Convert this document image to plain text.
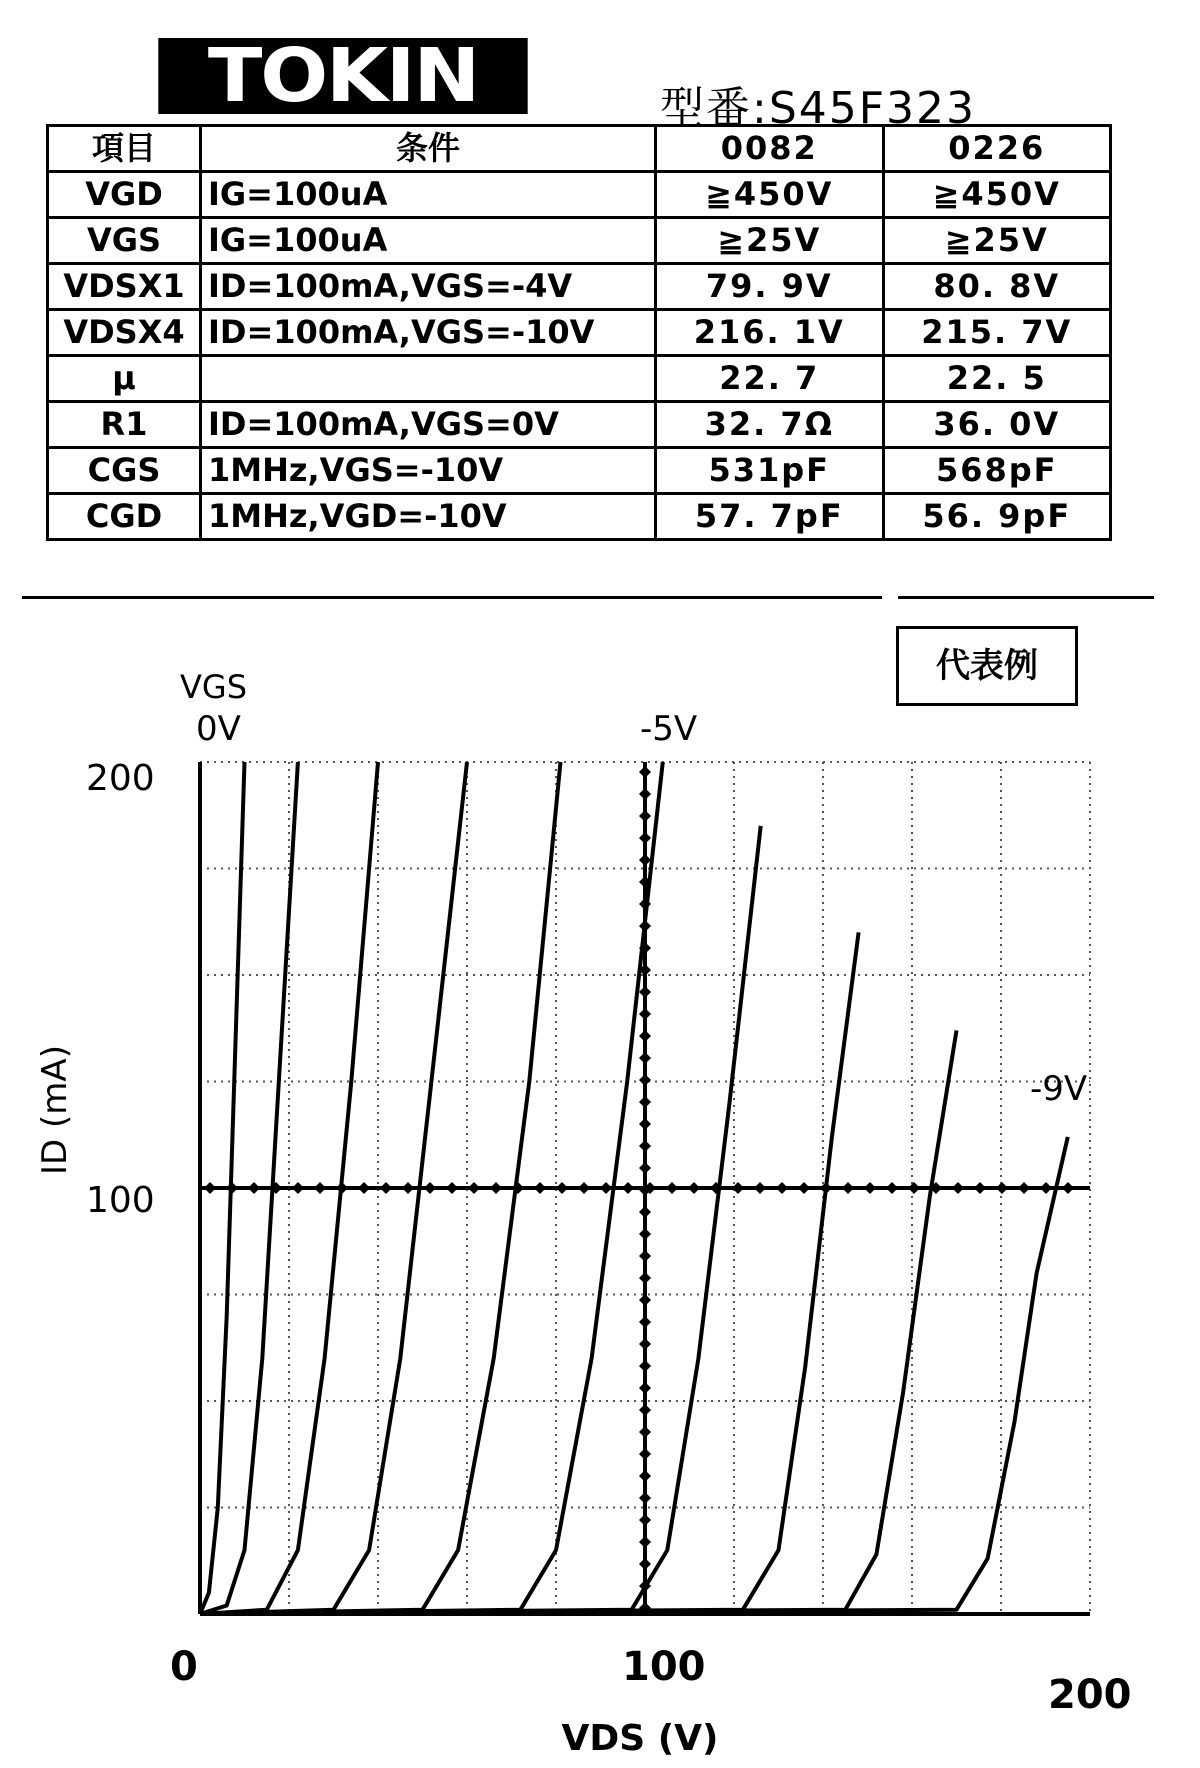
TOKIN	型番:S45F323
項目	条件	0082	0226
VGD	IG=100uA	≧450V	≧450V
VGS	IG=100uA	≧25V	≧25V
VDSX1	ID=100mA,VGS=-4V	79. 9V	80. 8V
VDSX4	ID=100mA,VGS=-10V	216. 1V	215. 7V
μ		22. 7	22. 5
R1	ID=100mA,VGS=0V	32. 7Ω	36. 0V
CGS	1MHz,VGS=-10V	531pF	568pF
CGD	1MHz,VGD=-10V	57. 7pF	56. 9pF
代表例
VGS
0V	-5V
-9V
200
100
0	100
200
VDS (V)
ID (mA)
